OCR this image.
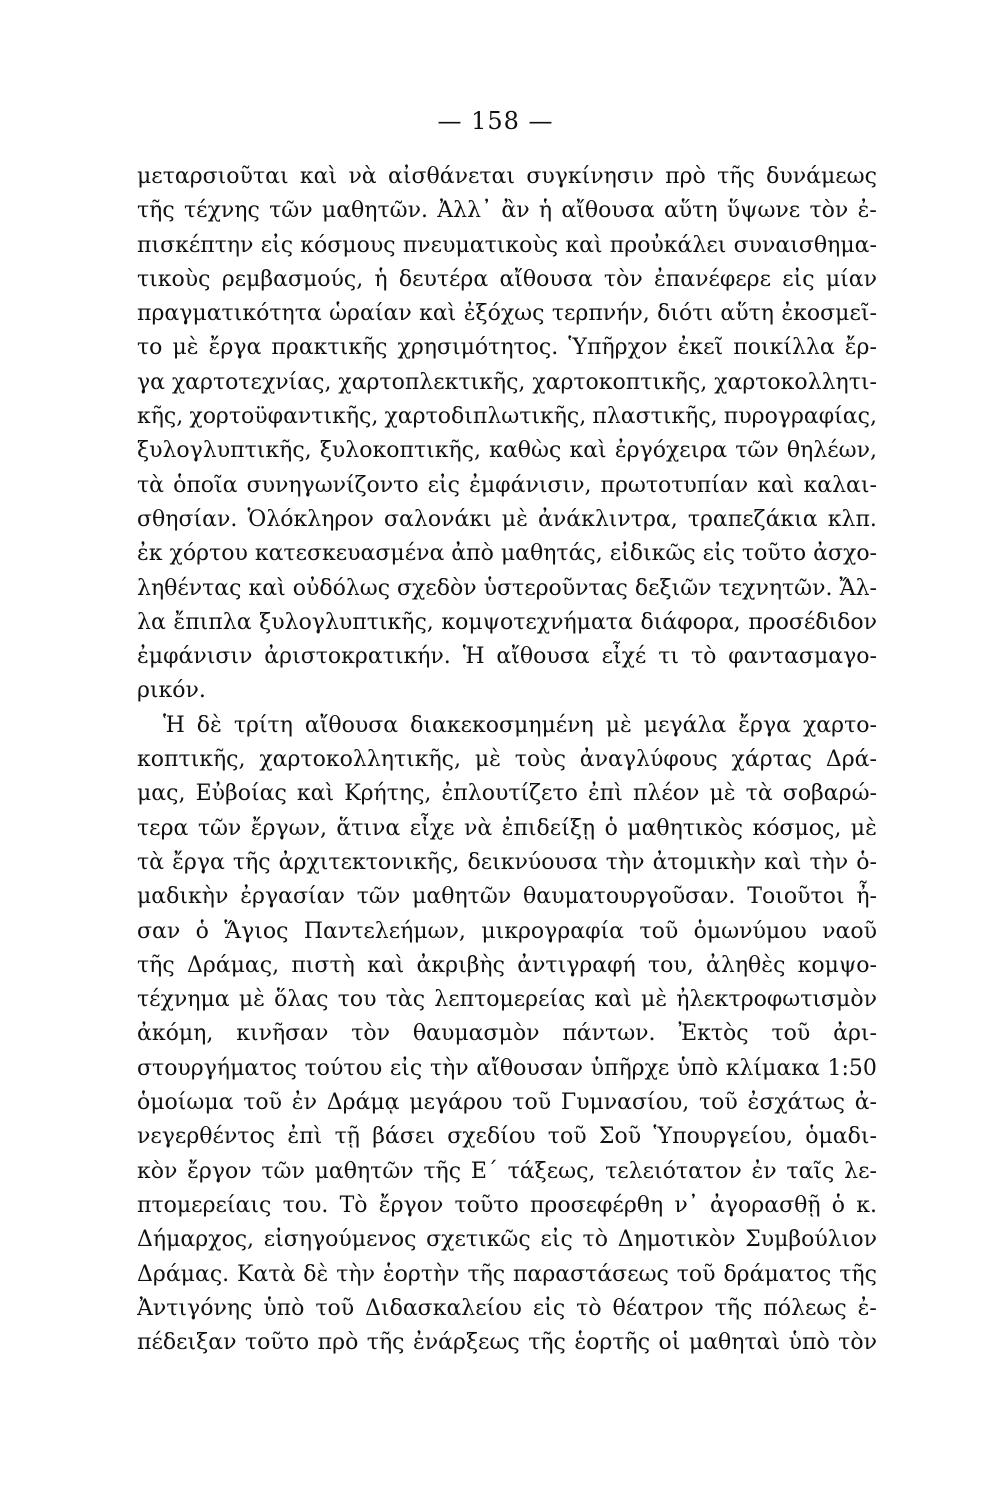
— 158 —
μεταρσιοῦται καὶ νὰ αἰσθάνεται συγκίνησιν πρὸ τῆς δυνάμεως
τῆς τέχνης τῶν μαθητῶν. Ἀλλ᾿ ἂν ἡ αἴθουσα αὕτη ὕψωνε τὸν ἐ-
πισκέπτην εἰς κόσμους πνευματικοὺς καὶ προὐκάλει συναισθημα-
τικοὺς ρεμβασμούς, ἡ δευτέρα αἴθουσα τὸν ἐπανέφερε εἰς μίαν
πραγματικότητα ὡραίαν καὶ ἐξόχως τερπνήν, διότι αὕτη ἐκοσμεῖ-
το μὲ ἔργα πρακτικῆς χρησιμότητος. Ὑπῆρχον ἐκεῖ ποικίλλα ἔρ-
γα χαρτοτεχνίας, χαρτοπλεκτικῆς, χαρτοκοπτικῆς, χαρτοκολλητι-
κῆς, χορτοϋφαντικῆς, χαρτοδιπλωτικῆς, πλαστικῆς, πυρογραφίας,
ξυλογλυπτικῆς, ξυλοκοπτικῆς, καθὼς καὶ ἐργόχειρα τῶν θηλέων,
τὰ ὁποῖα συνηγωνίζοντο εἰς ἐμφάνισιν, πρωτοτυπίαν καὶ καλαι-
σθησίαν. Ὁλόκληρον σαλονάκι μὲ ἀνάκλιντρα, τραπεζάκια κλπ.
ἐκ χόρτου κατεσκευασμένα ἀπὸ μαθητάς, εἰδικῶς εἰς τοῦτο ἀσχο-
ληθέντας καὶ οὐδόλως σχεδὸν ὑστεροῦντας δεξιῶν τεχνητῶν. Ἄλ-
λα ἔπιπλα ξυλογλυπτικῆς, κομψοτεχνήματα διάφορα, προσέδιδον
ἐμφάνισιν ἀριστοκρατικήν. Ἡ αἴθουσα εἶχέ τι τὸ φαντασμαγο-
ρικόν.
Ἡ δὲ τρίτη αἴθουσα διακεκοσμημένη μὲ μεγάλα ἔργα χαρτο-
κοπτικῆς, χαρτοκολλητικῆς, μὲ τοὺς ἀναγλύφους χάρτας Δρά-
μας, Εὐβοίας καὶ Κρήτης, ἐπλουτίζετο ἐπὶ πλέον μὲ τὰ σοβαρώ-
τερα τῶν ἔργων, ἅτινα εἶχε νὰ ἐπιδείξῃ ὁ μαθητικὸς κόσμος, μὲ
τὰ ἔργα τῆς ἀρχιτεκτονικῆς, δεικνύουσα τὴν ἀτομικὴν καὶ τὴν ὁ-
μαδικὴν ἐργασίαν τῶν μαθητῶν θαυματουργοῦσαν. Τοιοῦτοι ἦ-
σαν ὁ Ἅγιος Παντελεήμων, μικρογραφία τοῦ ὁμωνύμου ναοῦ
τῆς Δράμας, πιστὴ καὶ ἀκριβὴς ἀντιγραφή του, ἀληθὲς κομψο-
τέχνημα μὲ ὅλας του τὰς λεπτομερείας καὶ μὲ ἠλεκτροφωτισμὸν
ἀκόμη, κινῆσαν τὸν θαυμασμὸν πάντων. Ἐκτὸς τοῦ ἀρι-
στουργήματος τούτου εἰς τὴν αἴθουσαν ὑπῆρχε ὑπὸ κλίμακα 1:50
ὁμοίωμα τοῦ ἐν Δράμᾳ μεγάρου τοῦ Γυμνασίου, τοῦ ἐσχάτως ἀ-
νεγερθέντος ἐπὶ τῇ βάσει σχεδίου τοῦ Σοῦ Ὑπουργείου, ὁμαδι-
κὸν ἔργον τῶν μαθητῶν τῆς Ε´ τάξεως, τελειότατον ἐν ταῖς λε-
πτομερείαις του. Τὸ ἔργον τοῦτο προσεφέρθη ν᾿ ἀγορασθῇ ὁ κ.
Δήμαρχος, εἰσηγούμενος σχετικῶς εἰς τὸ Δημοτικὸν Συμβούλιον
Δράμας. Κατὰ δὲ τὴν ἑορτὴν τῆς παραστάσεως τοῦ δράματος τῆς
Ἀντιγόνης ὑπὸ τοῦ Διδασκαλείου εἰς τὸ θέατρον τῆς πόλεως ἐ-
πέδειξαν τοῦτο πρὸ τῆς ἐνάρξεως τῆς ἑορτῆς οἱ μαθηταὶ ὑπὸ τὸν
